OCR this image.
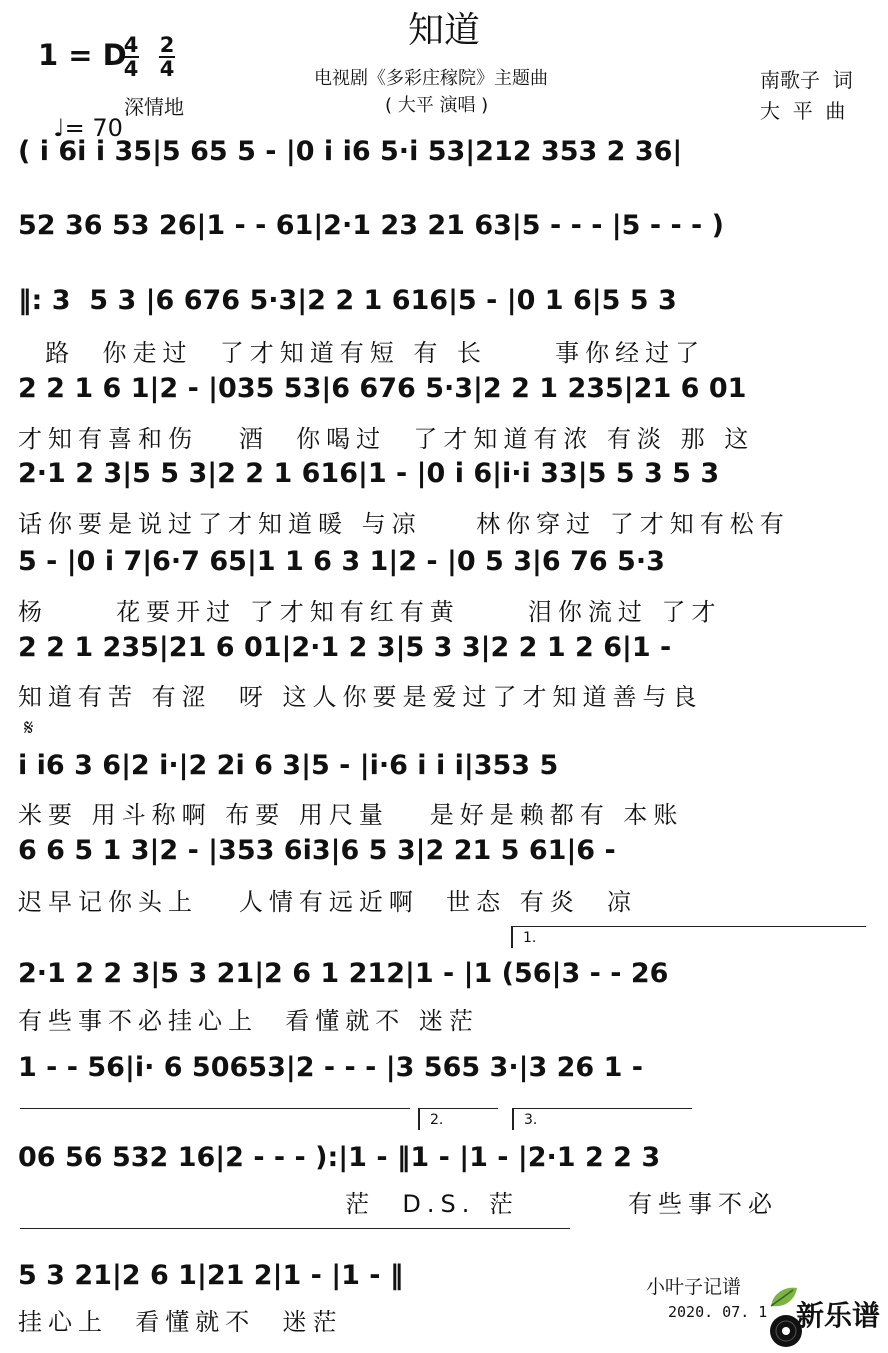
知道
1 = D
4
4
2
4

♩= 70

深情地
电视剧《多彩庄稼院》主题曲
( 大平 演唱 )
南歌子  词
大  平  曲
( i 6i i 35|5 65 5 - |0 i i6 5·i 53|212 353 2 36|
52 36 53 26|1 - - 61|2·1 23 21 63|5 - - - |5 - - - )
‖: 3  5 3 |6 676 5·3|2 2 1 616|5 - |0 1 6|5 5 3
路  你走过  了才知道有短 有 长     事你经过了
2 2 1 6 1|2 - |035 53|6 676 5·3|2 2 1 235|21 6 01
才知有喜和伤   酒  你喝过  了才知道有浓 有淡 那 这
2·1 2 3|5 5 3|2 2 1 616|1 - |0 i 6|i·i 33|5 5 3 5 3
话你要是说过了才知道暖 与凉    林你穿过 了才知有松有
5 - |0 i 7|6·7 65|1 1 6 3 1|2 - |0 5 3|6 76 5·3
杨     花要开过 了才知有红有黄     泪你流过 了才
2 2 1 235|21 6 01|2·1 2 3|5 3 3|2 2 1 2 6|1 -
知道有苦 有涩  呀 这人你要是爱过了才知道善与良
𝄋
i i6 3 6|2 i·|2 2i 6 3|5 - |i·6 i i i|353 5
米要 用斗称啊 布要 用尺量   是好是赖都有 本账
6 6 5 1 3|2 - |353 6i3|6 5 3|2 21 5 61|6 -
迟早记你头上   人情有远近啊  世态 有炎  凉
1.
2·1 2 2 3|5 3 21|2 6 1 212|1 - |1 (56|3 - - 26
有些事不必挂心上  看懂就不 迷茫
1 - - 56|i· 6 50653|2 - - - |3 565 3·|3 26 1 -
2.	3.
06 56 532 16|2 - - - ):|1 - ‖1 - |1 - |2·1 2 2 3
茫  D.S. 茫        有些事不必
5 3 21|2 6 1|21 2|1 - |1 - ‖
挂心上  看懂就不  迷茫
小叶子记谱

2020. 07. 1

新乐谱
